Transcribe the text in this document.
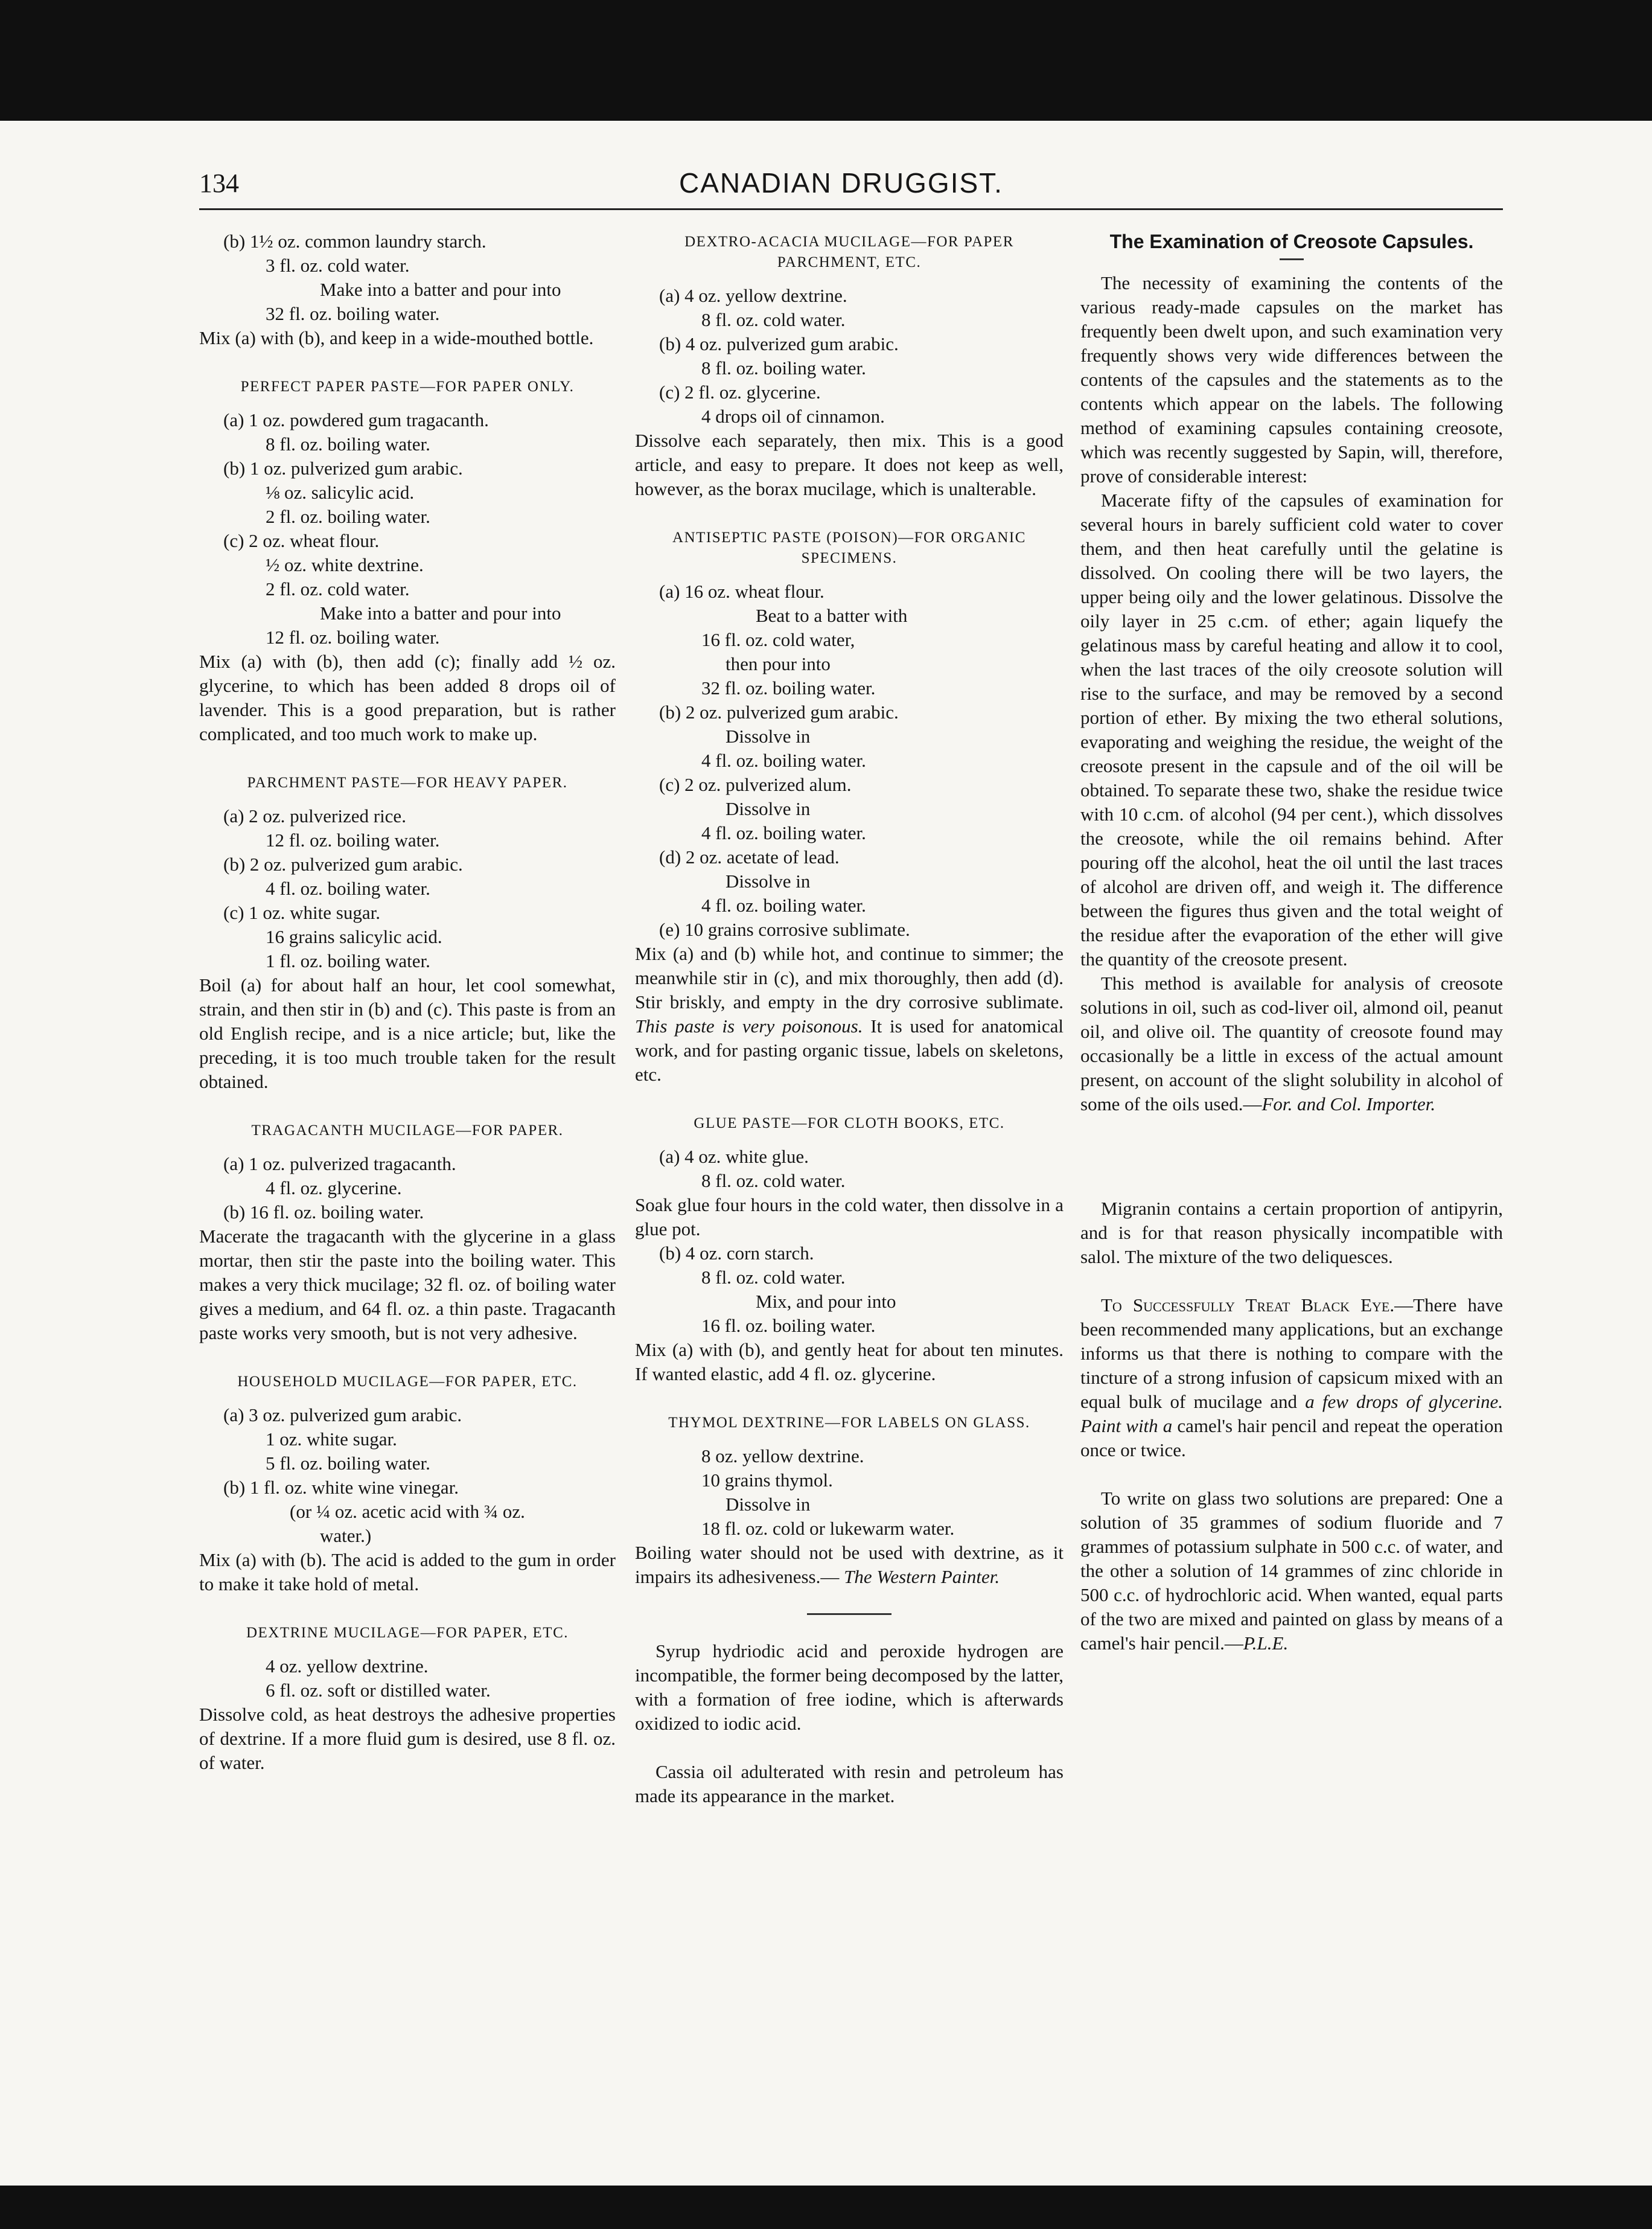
134	CANADIAN DRUGGIST.
(b) 1½ oz. common laundry starch.
3 fl. oz. cold water.
Make into a batter and pour into
32 fl. oz. boiling water.

Mix (a) with (b), and keep in a wide-mouthed bottle.

PERFECT PAPER PASTE—FOR PAPER ONLY.
(a) 1 oz. powdered gum tragacanth.
8 fl. oz. boiling water.
(b) 1 oz. pulverized gum arabic.
⅛ oz. salicylic acid.
2 fl. oz. boiling water.
(c) 2 oz. wheat flour.
½ oz. white dextrine.
2 fl. oz. cold water.
Make into a batter and pour into
12 fl. oz. boiling water.

Mix (a) with (b), then add (c); finally add ½ oz. glycerine, to which has been added 8 drops oil of lavender. This is a good preparation, but is rather complicated, and too much work to make up.

PARCHMENT PASTE—FOR HEAVY PAPER.
(a) 2 oz. pulverized rice.
12 fl. oz. boiling water.
(b) 2 oz. pulverized gum arabic.
4 fl. oz. boiling water.
(c) 1 oz. white sugar.
16 grains salicylic acid.
1 fl. oz. boiling water.

Boil (a) for about half an hour, let cool somewhat, strain, and then stir in (b) and (c). This paste is from an old English recipe, and is a nice article; but, like the preceding, it is too much trouble taken for the result obtained.

TRAGACANTH MUCILAGE—FOR PAPER.
(a) 1 oz. pulverized tragacanth.
4 fl. oz. glycerine.
(b) 16 fl. oz. boiling water.

Macerate the tragacanth with the glycerine in a glass mortar, then stir the paste into the boiling water. This makes a very thick mucilage; 32 fl. oz. of boiling water gives a medium, and 64 fl. oz. a thin paste. Tragacanth paste works very smooth, but is not very adhesive.

HOUSEHOLD MUCILAGE—FOR PAPER, ETC.
(a) 3 oz. pulverized gum arabic.
1 oz. white sugar.
5 fl. oz. boiling water.
(b) 1 fl. oz. white wine vinegar.
(or ¼ oz. acetic acid with ¾ oz.
water.)

Mix (a) with (b). The acid is added to the gum in order to make it take hold of metal.

DEXTRINE MUCILAGE—FOR PAPER, ETC.
4 oz. yellow dextrine.
6 fl. oz. soft or distilled water.

Dissolve cold, as heat destroys the adhesive properties of dextrine. If a more fluid gum is desired, use 8 fl. oz. of water.

DEXTRO-ACACIA MUCILAGE—FOR PAPER PARCHMENT, ETC.
(a) 4 oz. yellow dextrine.
8 fl. oz. cold water.
(b) 4 oz. pulverized gum arabic.
8 fl. oz. boiling water.
(c) 2 fl. oz. glycerine.
4 drops oil of cinnamon.

Dissolve each separately, then mix. This is a good article, and easy to prepare. It does not keep as well, however, as the borax mucilage, which is unalterable.

ANTISEPTIC PASTE (POISON)—FOR ORGANIC SPECIMENS.
(a) 16 oz. wheat flour.
Beat to a batter with
16 fl. oz. cold water,
then pour into
32 fl. oz. boiling water.
(b) 2 oz. pulverized gum arabic.
Dissolve in
4 fl. oz. boiling water.
(c) 2 oz. pulverized alum.
Dissolve in
4 fl. oz. boiling water.
(d) 2 oz. acetate of lead.
Dissolve in
4 fl. oz. boiling water.
(e) 10 grains corrosive sublimate.

Mix (a) and (b) while hot, and continue to simmer; the meanwhile stir in (c), and mix thoroughly, then add (d). Stir briskly, and empty in the dry corrosive sublimate. This paste is very poisonous. It is used for anatomical work, and for pasting organic tissue, labels on skeletons, etc.

GLUE PASTE—FOR CLOTH BOOKS, ETC.
(a) 4 oz. white glue.
8 fl. oz. cold water.

Soak glue four hours in the cold water, then dissolve in a glue pot.

(b) 4 oz. corn starch.
8 fl. oz. cold water.
Mix, and pour into
16 fl. oz. boiling water.

Mix (a) with (b), and gently heat for about ten minutes. If wanted elastic, add 4 fl. oz. glycerine.

THYMOL DEXTRINE—FOR LABELS ON GLASS.
8 oz. yellow dextrine.
10 grains thymol.
Dissolve in
18 fl. oz. cold or lukewarm water.

Boiling water should not be used with dextrine, as it impairs its adhesiveness.— The Western Painter.

Syrup hydriodic acid and peroxide hydrogen are incompatible, the former being decomposed by the latter, with a formation of free iodine, which is afterwards oxidized to iodic acid.

Cassia oil adulterated with resin and petroleum has made its appearance in the market.

The Examination of Creosote Capsules.

The necessity of examining the contents of the various ready-made capsules on the market has frequently been dwelt upon, and such examination very frequently shows very wide differences between the contents of the capsules and the statements as to the contents which appear on the labels. The following method of examining capsules containing creosote, which was recently suggested by Sapin, will, therefore, prove of considerable interest:

Macerate fifty of the capsules of examination for several hours in barely sufficient cold water to cover them, and then heat carefully until the gelatine is dissolved. On cooling there will be two layers, the upper being oily and the lower gelatinous. Dissolve the oily layer in 25 c.cm. of ether; again liquefy the gelatinous mass by careful heating and allow it to cool, when the last traces of the oily creosote solution will rise to the surface, and may be removed by a second portion of ether. By mixing the two etheral solutions, evaporating and weighing the residue, the weight of the creosote present in the capsule and of the oil will be obtained. To separate these two, shake the residue twice with 10 c.cm. of alcohol (94 per cent.), which dissolves the creosote, while the oil remains behind. After pouring off the alcohol, heat the oil until the last traces of alcohol are driven off, and weigh it. The difference between the figures thus given and the total weight of the residue after the evaporation of the ether will give the quantity of the creosote present.

This method is available for analysis of creosote solutions in oil, such as cod-liver oil, almond oil, peanut oil, and olive oil. The quantity of creosote found may occasionally be a little in excess of the actual amount present, on account of the slight solubility in alcohol of some of the oils used.—For. and Col. Importer.

Migranin contains a certain proportion of antipyrin, and is for that reason physically incompatible with salol. The mixture of the two deliquesces.

To Successfully Treat Black Eye.—There have been recommended many applications, but an exchange informs us that there is nothing to compare with the tincture of a strong infusion of capsicum mixed with an equal bulk of mucilage and a few drops of glycerine. Paint with a camel's hair pencil and repeat the operation once or twice.

To write on glass two solutions are prepared: One a solution of 35 grammes of sodium fluoride and 7 grammes of potassium sulphate in 500 c.c. of water, and the other a solution of 14 grammes of zinc chloride in 500 c.c. of hydrochloric acid. When wanted, equal parts of the two are mixed and painted on glass by means of a camel's hair pencil.—P.L.E.
